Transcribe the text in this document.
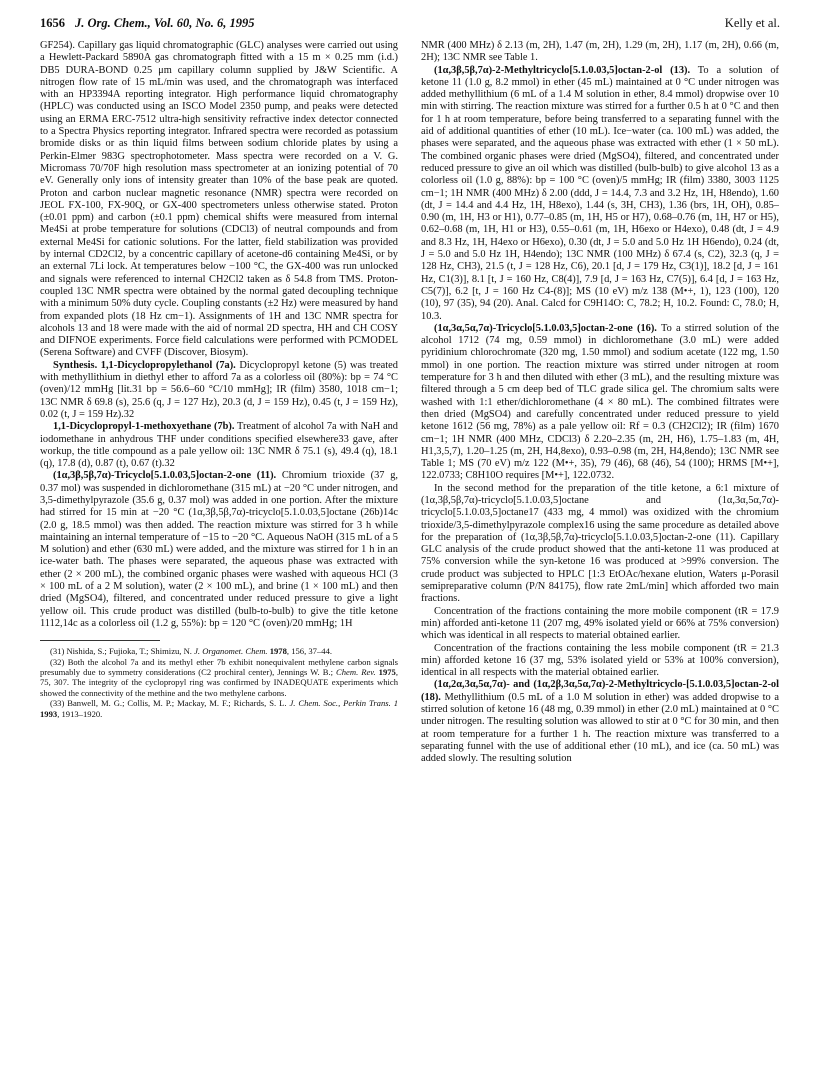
1656 J. Org. Chem., Vol. 60, No. 6, 1995	Kelly et al.

GF254). Capillary gas liquid chromatographic (GLC) analyses were carried out using a Hewlett-Packard 5890A gas chromatograph fitted with a 15 m × 0.25 mm (i.d.) DB5 DURA-BOND 0.25 μm capillary column supplied by J&W Scientific. A nitrogen flow rate of 15 mL/min was used, and the chromatograph was interfaced with an HP3394A reporting integrator. High performance liquid chromatography (HPLC) was conducted using an ISCO Model 2350 pump, and peaks were detected using an ERMA ERC-7512 ultra-high sensitivity refractive index detector connected to a Spectra Physics reporting integrator. Infrared spectra were recorded as potassium bromide disks or as thin liquid films between sodium chloride plates by using a Perkin-Elmer 983G spectrophotometer. Mass spectra were recorded on a V. G. Micromass 70/70F high resolution mass spectrometer at an ionizing potential of 70 eV. Generally only ions of intensity greater than 10% of the base peak are quoted. Proton and carbon nuclear magnetic resonance (NMR) spectra were recorded on JEOL FX-100, FX-90Q, or GX-400 spectrometers unless otherwise stated. Proton (±0.01 ppm) and carbon (±0.1 ppm) chemical shifts were measured from internal Me4Si at probe temperature for solutions (CDCl3) of neutral compounds and from external Me4Si for cationic solutions. For the latter, field stabilization was provided by internal CD2Cl2, by a concentric capillary of acetone-d6 containing Me4Si, or by an external 7Li lock. At temperatures below −100 °C, the GX-400 was run unlocked and signals were referenced to internal CH2Cl2 taken as δ 54.8 from TMS. Proton-coupled 13C NMR spectra were obtained by the normal gated decoupling technique with a minimum 50% duty cycle. Coupling constants (±2 Hz) were measured by hand from expanded plots (18 Hz cm−1). Assignments of 1H and 13C NMR spectra for alcohols 13 and 18 were made with the aid of normal 2D spectra, HH and CH COSY and DIFNOE experiments. Force field calculations were performed with PCMODEL (Serena Software) and CVFF (Discover, Biosym).

Synthesis. 1,1-Dicyclopropylethanol (7a). Dicyclopropyl ketone (5) was treated with methyllithium in diethyl ether to afford 7a as a colorless oil (80%): bp = 74 °C (oven)/12 mmHg [lit.31 bp = 56.6–60 °C/10 mmHg]; IR (film) 3580, 1018 cm−1; 13C NMR δ 69.8 (s), 25.6 (q, J = 127 Hz), 20.3 (d, J = 159 Hz), 0.45 (t, J = 159 Hz), 0.02 (t, J = 159 Hz).32

1,1-Dicyclopropyl-1-methoxyethane (7b). Treatment of alcohol 7a with NaH and iodomethane in anhydrous THF under conditions specified elsewhere33 gave, after workup, the title compound as a pale yellow oil: 13C NMR δ 75.1 (s), 49.4 (q), 18.1 (q), 17.8 (d), 0.87 (t), 0.67 (t).32

(1α,3β,5β,7α)-Tricyclo[5.1.0.03,5]octan-2-one (11). Chromium trioxide (37 g, 0.37 mol) was suspended in dichloromethane (315 mL) at −20 °C under nitrogen, and 3,5-dimethylpyrazole (35.6 g, 0.37 mol) was added in one portion. After the mixture had stirred for 15 min at −20 °C (1α,3β,5β,7α)-tricyclo[5.1.0.03,5]octane (26b)14c (2.0 g, 18.5 mmol) was then added. The reaction mixture was stirred for 3 h while maintaining an internal temperature of −15 to −20 °C. Aqueous NaOH (315 mL of a 5 M solution) and ether (630 mL) were added, and the mixture was stirred for 1 h in an ice-water bath. The phases were separated, the aqueous phase was extracted with ether (2 × 200 mL), the combined organic phases were washed with aqueous HCl (3 × 100 mL of a 2 M solution), water (2 × 100 mL), and brine (1 × 100 mL) and then dried (MgSO4), filtered, and concentrated under reduced pressure to give a light yellow oil. This crude product was distilled (bulb-to-bulb) to give the title ketone 1112,14c as a colorless oil (1.2 g, 55%): bp = 120 °C (oven)/20 mmHg; 1H

(31) Nishida, S.; Fujioka, T.; Shimizu, N. J. Organomet. Chem. 1978, 156, 37–44.

(32) Both the alcohol 7a and its methyl ether 7b exhibit nonequivalent methylene carbon signals presumably due to symmetry considerations (C2 prochiral center), Jennings W. B.; Chem. Rev. 1975, 75, 307. The integrity of the cyclopropyl ring was confirmed by INADEQUATE experiments which showed the connectivity of the methine and the two methylene carbons.

(33) Banwell, M. G.; Collis, M. P.; Mackay, M. F.; Richards, S. L. J. Chem. Soc., Perkin Trans. 1 1993, 1913–1920.

NMR (400 MHz) δ 2.13 (m, 2H), 1.47 (m, 2H), 1.29 (m, 2H), 1.17 (m, 2H), 0.66 (m, 2H); 13C NMR see Table 1.

(1α,3β,5β,7α)-2-Methyltricyclo[5.1.0.03,5]octan-2-ol (13). To a solution of ketone 11 (1.0 g, 8.2 mmol) in ether (45 mL) maintained at 0 °C under nitrogen was added methyllithium (6 mL of a 1.4 M solution in ether, 8.4 mmol) dropwise over 10 min with stirring. The reaction mixture was stirred for a further 0.5 h at 0 °C and then for 1 h at room temperature, before being transferred to a separating funnel with the aid of additional quantities of ether (10 mL). Ice−water (ca. 100 mL) was added, the phases were separated, and the aqueous phase was extracted with ether (1 × 50 mL). The combined organic phases were dried (MgSO4), filtered, and concentrated under reduced pressure to give an oil which was distilled (bulb-bulb) to give alcohol 13 as a colorless oil (1.0 g, 88%): bp = 100 °C (oven)/5 mmHg; IR (film) 3380, 3003 1125 cm−1; 1H NMR (400 MHz) δ 2.00 (ddd, J = 14.4, 7.3 and 3.2 Hz, 1H, H8endo), 1.60 (dt, J = 14.4 and 4.4 Hz, 1H, H8exo), 1.44 (s, 3H, CH3), 1.36 (brs, 1H, OH), 0.85–0.90 (m, 1H, H3 or H1), 0.77–0.85 (m, 1H, H5 or H7), 0.68–0.76 (m, 1H, H7 or H5), 0.62–0.68 (m, 1H, H1 or H3), 0.55–0.61 (m, 1H, H6exo or H4exo), 0.48 (dt, J = 4.9 and 8.3 Hz, 1H, H4exo or H6exo), 0.30 (dt, J = 5.0 and 5.0 Hz 1H H6endo), 0.24 (dt, J = 5.0 and 5.0 Hz 1H, H4endo); 13C NMR (100 MHz) δ 67.4 (s, C2), 32.3 (q, J = 128 Hz, CH3), 21.5 (t, J = 128 Hz, C6), 20.1 [d, J = 179 Hz, C3(1)], 18.2 [d, J = 161 Hz, C1(3)], 8.1 [t, J = 160 Hz, C8(4)], 7.9 [d, J = 163 Hz, C7(5)], 6.4 [d, J = 163 Hz, C5(7)], 6.2 [t, J = 160 Hz C4-(8)]; MS (10 eV) m/z 138 (M•+, 1), 123 (100), 120 (10), 97 (35), 94 (20). Anal. Calcd for C9H14O: C, 78.2; H, 10.2. Found: C, 78.0; H, 10.3.

(1α,3α,5α,7α)-Tricyclo[5.1.0.03,5]octan-2-one (16). To a stirred solution of the alcohol 1712 (74 mg, 0.59 mmol) in dichloromethane (3.0 mL) were added pyridinium chlorochromate (320 mg, 1.50 mmol) and sodium acetate (122 mg, 1.50 mmol) in one portion. The reaction mixture was stirred under nitrogen at room temperature for 3 h and then diluted with ether (3 mL), and the resulting mixture was filtered through a 5 cm deep bed of TLC grade silica gel. The chromium salts were washed with 1:1 ether/dichloromethane (4 × 80 mL). The combined filtrates were then dried (MgSO4) and carefully concentrated under reduced pressure to yield ketone 1612 (56 mg, 78%) as a pale yellow oil: Rf = 0.3 (CH2Cl2); IR (film) 1670 cm−1; 1H NMR (400 MHz, CDCl3) δ 2.20–2.35 (m, 2H, H6), 1.75–1.83 (m, 4H, H1,3,5,7), 1.20–1.25 (m, 2H, H4,8exo), 0.93–0.98 (m, 2H, H4,8endo); 13C NMR see Table 1; MS (70 eV) m/z 122 (M•+, 35), 79 (46), 68 (46), 54 (100); HRMS [M•+], 122.0733; C8H10O requires [M•+], 122.0732.

In the second method for the preparation of the title ketone, a 6:1 mixture of (1α,3β,5β,7α)-tricyclo[5.1.0.03,5]octane and (1α,3α,5α,7α)-tricyclo[5.1.0.03,5]octane17 (433 mg, 4 mmol) was oxidized with the chromium trioxide/3,5-dimethylpyrazole complex16 using the same procedure as detailed above for the preparation of (1α,3β,5β,7α)-tricyclo[5.1.0.03,5]octan-2-one (11). Capillary GLC analysis of the crude product showed that the anti-ketone 11 was produced at 75% conversion while the syn-ketone 16 was produced at >99% conversion. The crude product was subjected to HPLC [1:3 EtOAc/hexane elution, Waters μ-Porasil semipreparative column (P/N 84175), flow rate 2mL/min] which afforded two main fractions.

Concentration of the fractions containing the more mobile component (tR = 17.9 min) afforded anti-ketone 11 (207 mg, 49% isolated yield or 66% at 75% conversion) which was identical in all respects to material obtained earlier.

Concentration of the fractions containing the less mobile component (tR = 21.3 min) afforded ketone 16 (37 mg, 53% isolated yield or 53% at 100% conversion), identical in all respects with the material obtained earlier.

(1α,2α,3α,5α,7α)- and (1α,2β,3α,5α,7α)-2-Methyltricyclo-[5.1.0.03,5]octan-2-ol (18). Methyllithium (0.5 mL of a 1.0 M solution in ether) was added dropwise to a stirred solution of ketone 16 (48 mg, 0.39 mmol) in ether (2.0 mL) maintained at 0 °C under nitrogen. The resulting solution was allowed to stir at 0 °C for 30 min, and then at room temperature for a further 1 h. The reaction mixture was transferred to a separating funnel with the use of additional ether (10 mL), and ice (ca. 50 mL) was added slowly. The resulting solution
